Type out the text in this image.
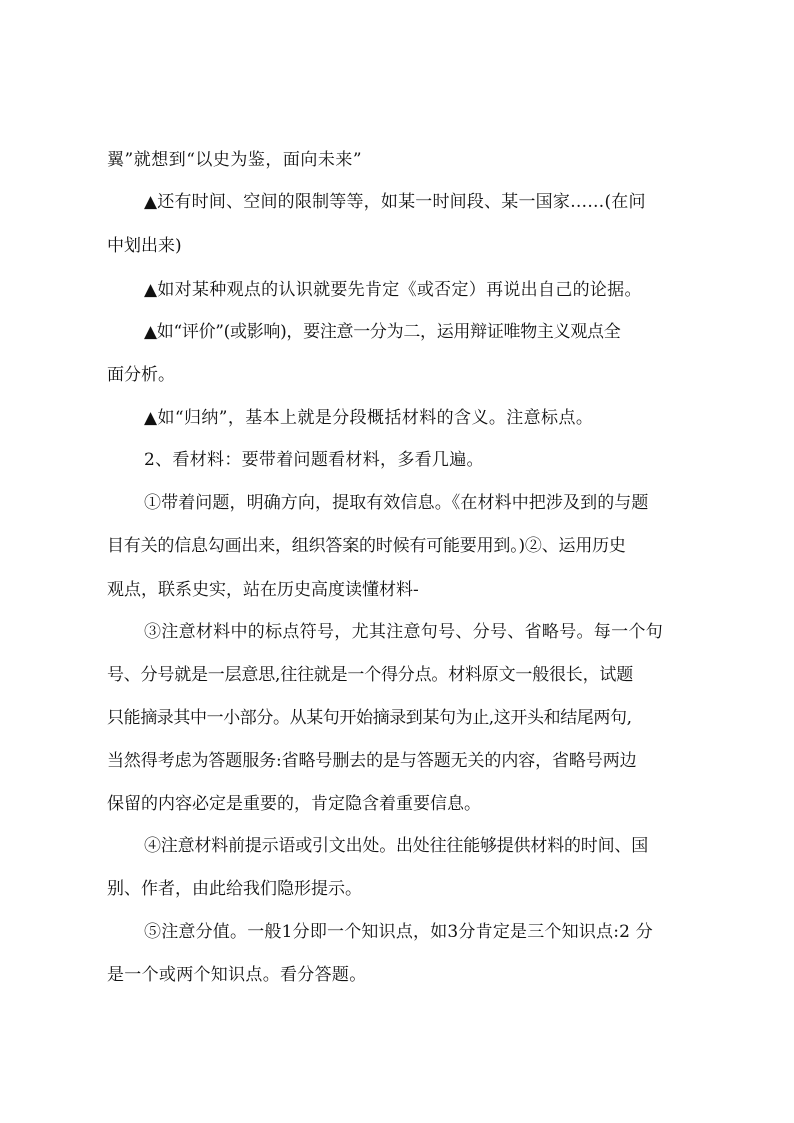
翼”就想到“以史为鉴，面向未来”
▲还有时间、空间的限制等等，如某一时间段、某一国家……(在问
中划出来)
▲如对某种观点的认识就要先肯定《或否定）再说出自己的论据。
▲如“评价”(或影响)，要注意一分为二，运用辩证唯物主义观点全
面分析。
▲如“归纳”，基本上就是分段概括材料的含义。注意标点。
2、看材料：要带着问题看材料，多看几遍。
①带着问题，明确方向，提取有效信息。《在材料中把涉及到的与题
目有关的信息勾画出来，组织答案的时候有可能要用到。)②、运用历史
观点，联系史实，站在历史高度读懂材料-
③注意材料中的标点符号，尤其注意句号、分号、省略号。每一个句
号、分号就是一层意思,往往就是一个得分点。材料原文一般很长，试题
只能摘录其中一小部分。从某句开始摘录到某句为止,这开头和结尾两句,
当然得考虑为答题服务:省略号删去的是与答题无关的内容，省略号两边
保留的内容必定是重要的，肯定隐含着重要信息。
④注意材料前提示语或引文出处。出处往往能够提供材料的时间、国
别、作者，由此给我们隐形提示。
⑤注意分值。一般1分即一个知识点，如3分肯定是三个知识点:2 分
是一个或两个知识点。看分答题。
